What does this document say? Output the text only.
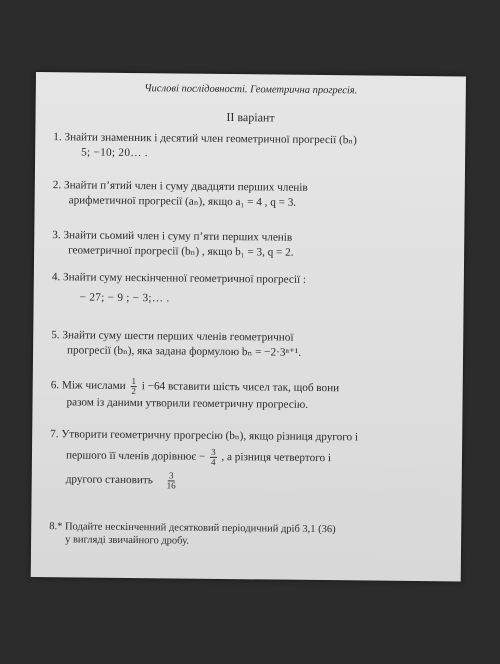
Числові послідовності. Геометрична прогресія.
ІІ варіант
1. Знайти знаменник і десятий член геометричної прогресії (bₙ)
5; −10; 20… .
2. Знайти п’ятий член і суму двадцяти перших членів
арифметичної прогресії (aₙ), якщо a₁ = 4 , q = 3.
3. Знайти сьомий член і суму п’яти перших членів
геометричної прогресії (bₙ) , якщо b₁ = 3, q = 2.
4. Знайти суму нескінченної геометричної прогресії :
− 27; − 9 ; − 3;… .
5. Знайти суму шести перших членів геометричної
прогресії (bₙ), яка задана формулою bₙ = −2·3ⁿ⁺¹.
6. Між числами $\frac{1}{2}$ і −64 вставити шість чисел так, щоб вони
разом із даними утворили геометричну прогресію.
7. Утворити геометричну прогресію (bₙ), якщо різниця другого і
першого її членів дорівнює − $\frac{3}{4}$ , а різниця четвертого і
другого становить $\frac{3}{16}$
8.* Подайте нескінченний десятковий періодичний дріб 3,1 (36)
у вигляді звичайного дробу.
